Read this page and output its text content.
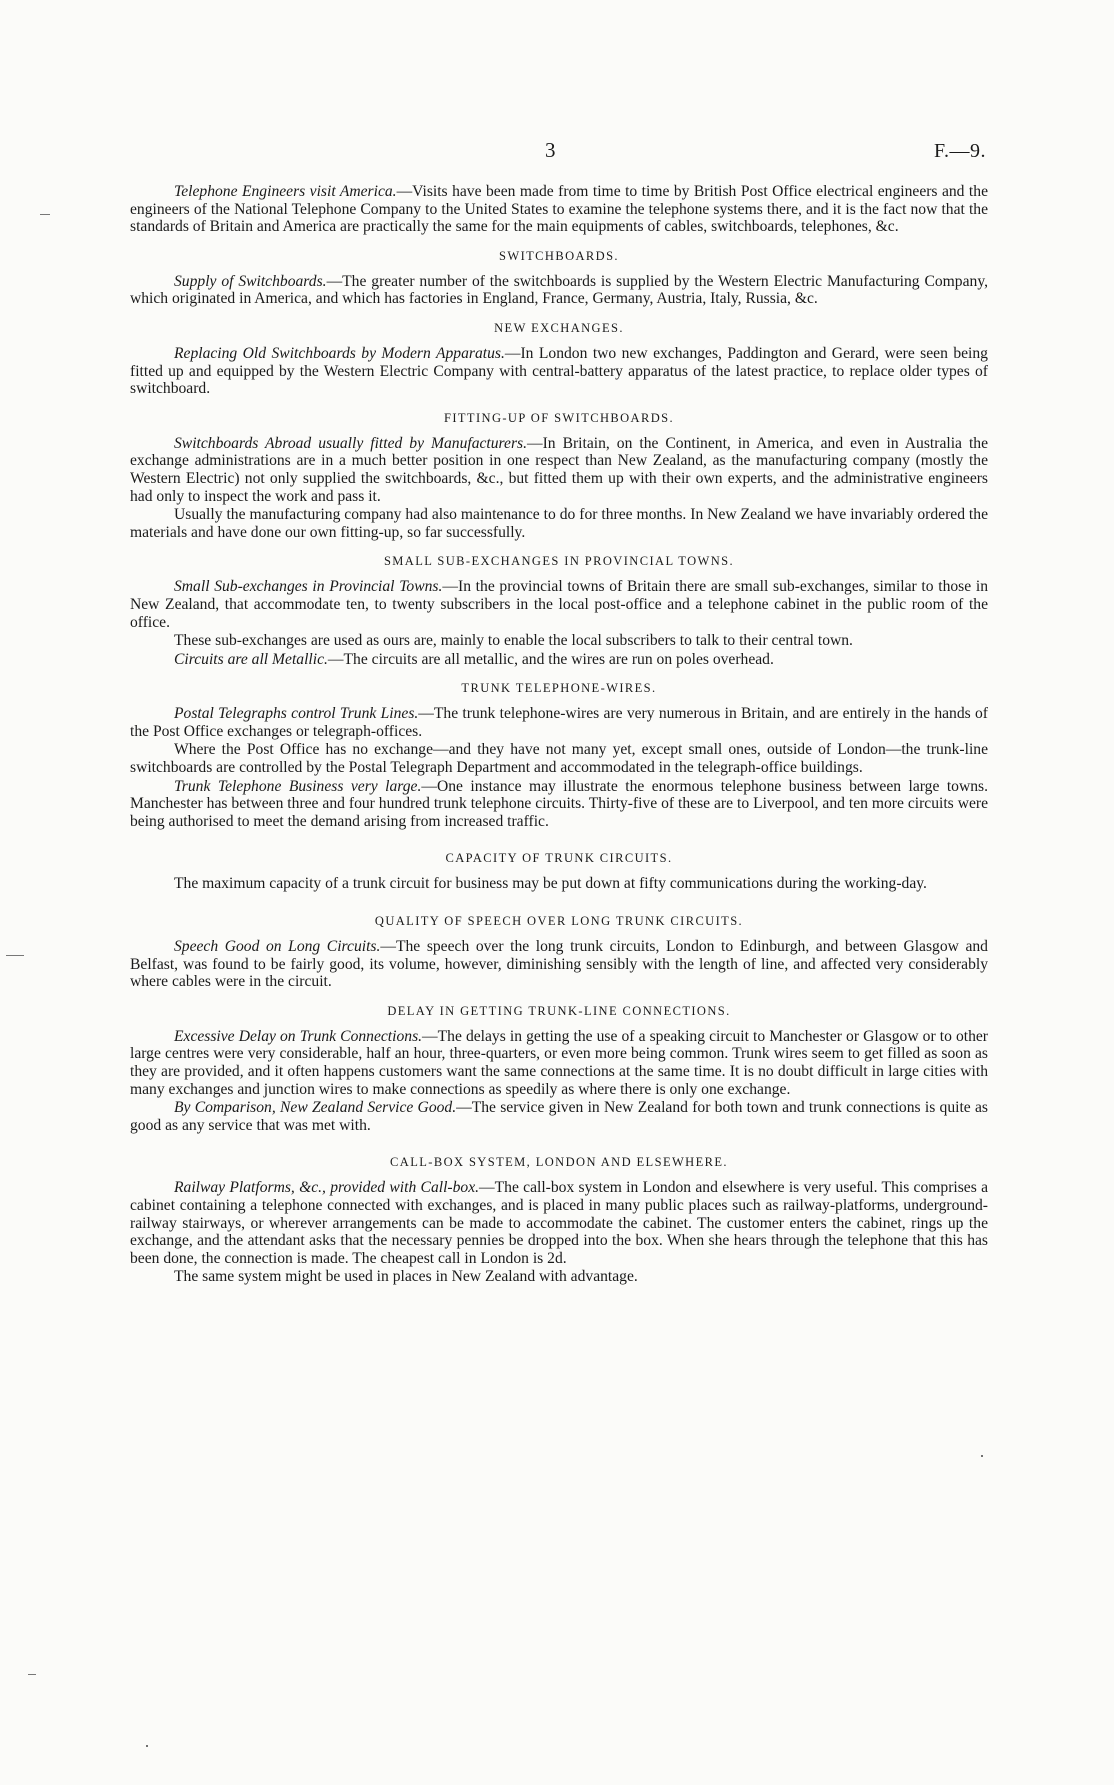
3	F.—9.

Telephone Engineers visit America.—Visits have been made from time to time by British Post Office electrical engineers and the engineers of the National Telephone Company to the United States to examine the telephone systems there, and it is the fact now that the standards of Britain and America are practically the same for the main equipments of cables, switchboards, telephones, &c.

SWITCHBOARDS.

Supply of Switchboards.—The greater number of the switchboards is supplied by the Western Electric Manufacturing Company, which originated in America, and which has factories in England, France, Germany, Austria, Italy, Russia, &c.

NEW EXCHANGES.

Replacing Old Switchboards by Modern Apparatus.—In London two new exchanges, Paddington and Gerard, were seen being fitted up and equipped by the Western Electric Company with central-battery apparatus of the latest practice, to replace older types of switchboard.

FITTING-UP OF SWITCHBOARDS.

Switchboards Abroad usually fitted by Manufacturers.—In Britain, on the Continent, in America, and even in Australia the exchange administrations are in a much better position in one respect than New Zealand, as the manufacturing company (mostly the Western Electric) not only supplied the switchboards, &c., but fitted them up with their own experts, and the administrative engineers had only to inspect the work and pass it.

Usually the manufacturing company had also maintenance to do for three months. In New Zealand we have invariably ordered the materials and have done our own fitting-up, so far successfully.

SMALL SUB-EXCHANGES IN PROVINCIAL TOWNS.

Small Sub-exchanges in Provincial Towns.—In the provincial towns of Britain there are small sub-exchanges, similar to those in New Zealand, that accommodate ten, to twenty subscribers in the local post-office and a telephone cabinet in the public room of the office.

These sub-exchanges are used as ours are, mainly to enable the local subscribers to talk to their central town.

Circuits are all Metallic.—The circuits are all metallic, and the wires are run on poles overhead.

TRUNK TELEPHONE-WIRES.

Postal Telegraphs control Trunk Lines.—The trunk telephone-wires are very numerous in Britain, and are entirely in the hands of the Post Office exchanges or telegraph-offices.

Where the Post Office has no exchange—and they have not many yet, except small ones, outside of London—the trunk-line switchboards are controlled by the Postal Telegraph Department and accommodated in the telegraph-office buildings.

Trunk Telephone Business very large.—One instance may illustrate the enormous telephone business between large towns. Manchester has between three and four hundred trunk telephone circuits. Thirty-five of these are to Liverpool, and ten more circuits were being authorised to meet the demand arising from increased traffic.

CAPACITY OF TRUNK CIRCUITS.

The maximum capacity of a trunk circuit for business may be put down at fifty communications during the working-day.

QUALITY OF SPEECH OVER LONG TRUNK CIRCUITS.

Speech Good on Long Circuits.—The speech over the long trunk circuits, London to Edinburgh, and between Glasgow and Belfast, was found to be fairly good, its volume, however, diminishing sensibly with the length of line, and affected very considerably where cables were in the circuit.

DELAY IN GETTING TRUNK-LINE CONNECTIONS.

Excessive Delay on Trunk Connections.—The delays in getting the use of a speaking circuit to Manchester or Glasgow or to other large centres were very considerable, half an hour, three-quarters, or even more being common. Trunk wires seem to get filled as soon as they are provided, and it often happens customers want the same connections at the same time. It is no doubt difficult in large cities with many exchanges and junction wires to make connections as speedily as where there is only one exchange.

By Comparison, New Zealand Service Good.—The service given in New Zealand for both town and trunk connections is quite as good as any service that was met with.

CALL-BOX SYSTEM, LONDON AND ELSEWHERE.

Railway Platforms, &c., provided with Call-box.—The call-box system in London and elsewhere is very useful. This comprises a cabinet containing a telephone connected with exchanges, and is placed in many public places such as railway-platforms, underground-railway stairways, or wherever arrangements can be made to accommodate the cabinet. The customer enters the cabinet, rings up the exchange, and the attendant asks that the necessary pennies be dropped into the box. When she hears through the telephone that this has been done, the connection is made. The cheapest call in London is 2d.

The same system might be used in places in New Zealand with advantage.
